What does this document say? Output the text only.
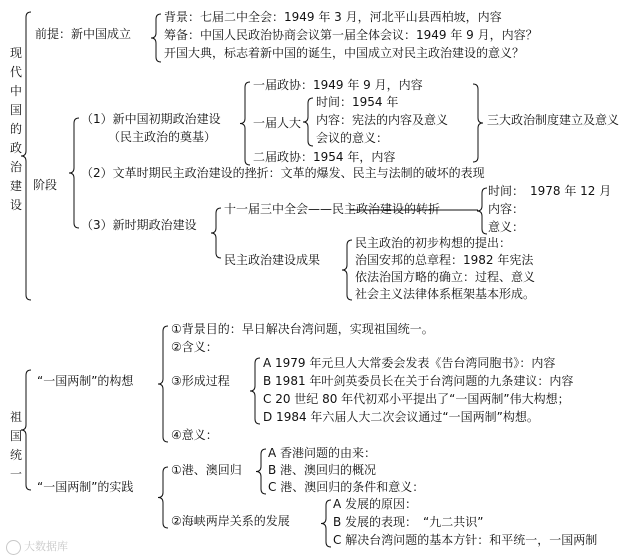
现
代
中
国
的
政
治
建
设
祖
国
统
一
前提：新中国成立
背景：七届二中全会：1949 年 3 月，河北平山县西柏坡，内容
筹备：中国人民政治协商会议第一届全体会议：1949 年 9 月，内容？
开国大典，标志着新中国的诞生，中国成立对民主政治建设的意义？
阶段
（1）新中国初期政治建设
（民主政治的奠基）
一届政协：1949 年 9 月，内容
一届人大
时间：1954 年
内容：宪法的内容及意义
会议的意义：
二届政协：1954 年，内容
三大政治制度建立及意义
（2）文革时期民主政治建设的挫折：文革的爆发、民主与法制的破坏的表现
（3）新时期政治建设
十一届三中全会——民主政治建设的转折
时间：　1978 年 12 月
内容：
意义：
民主政治建设成果
民主政治的初步构想的提出：
治国安邦的总章程：1982 年宪法
依法治国方略的确立：过程、意义
社会主义法律体系框架基本形成。
“一国两制”的构想
①背景目的：早日解决台湾问题，实现祖国统一。
②含义：
③形成过程
A 1979 年元旦人大常委会发表《告台湾同胞书》：内容
B 1981 年叶剑英委员长在关于台湾问题的九条建议：内容
C 20 世纪 80 年代初邓小平提出了“一国两制”伟大构想；
D 1984 年六届人大二次会议通过“一国两制”构想。
④意义：
“一国两制”的实践
①港、澳回归
A 香港问题的由来：
B 港、澳回归的概况
C 港、澳回归的条件和意义：
②海峡两岸关系的发展
A 发展的原因：
B 发展的表现：　“九二共识”
C 解决台湾问题的基本方针：和平统一，一国两制
大数据库
